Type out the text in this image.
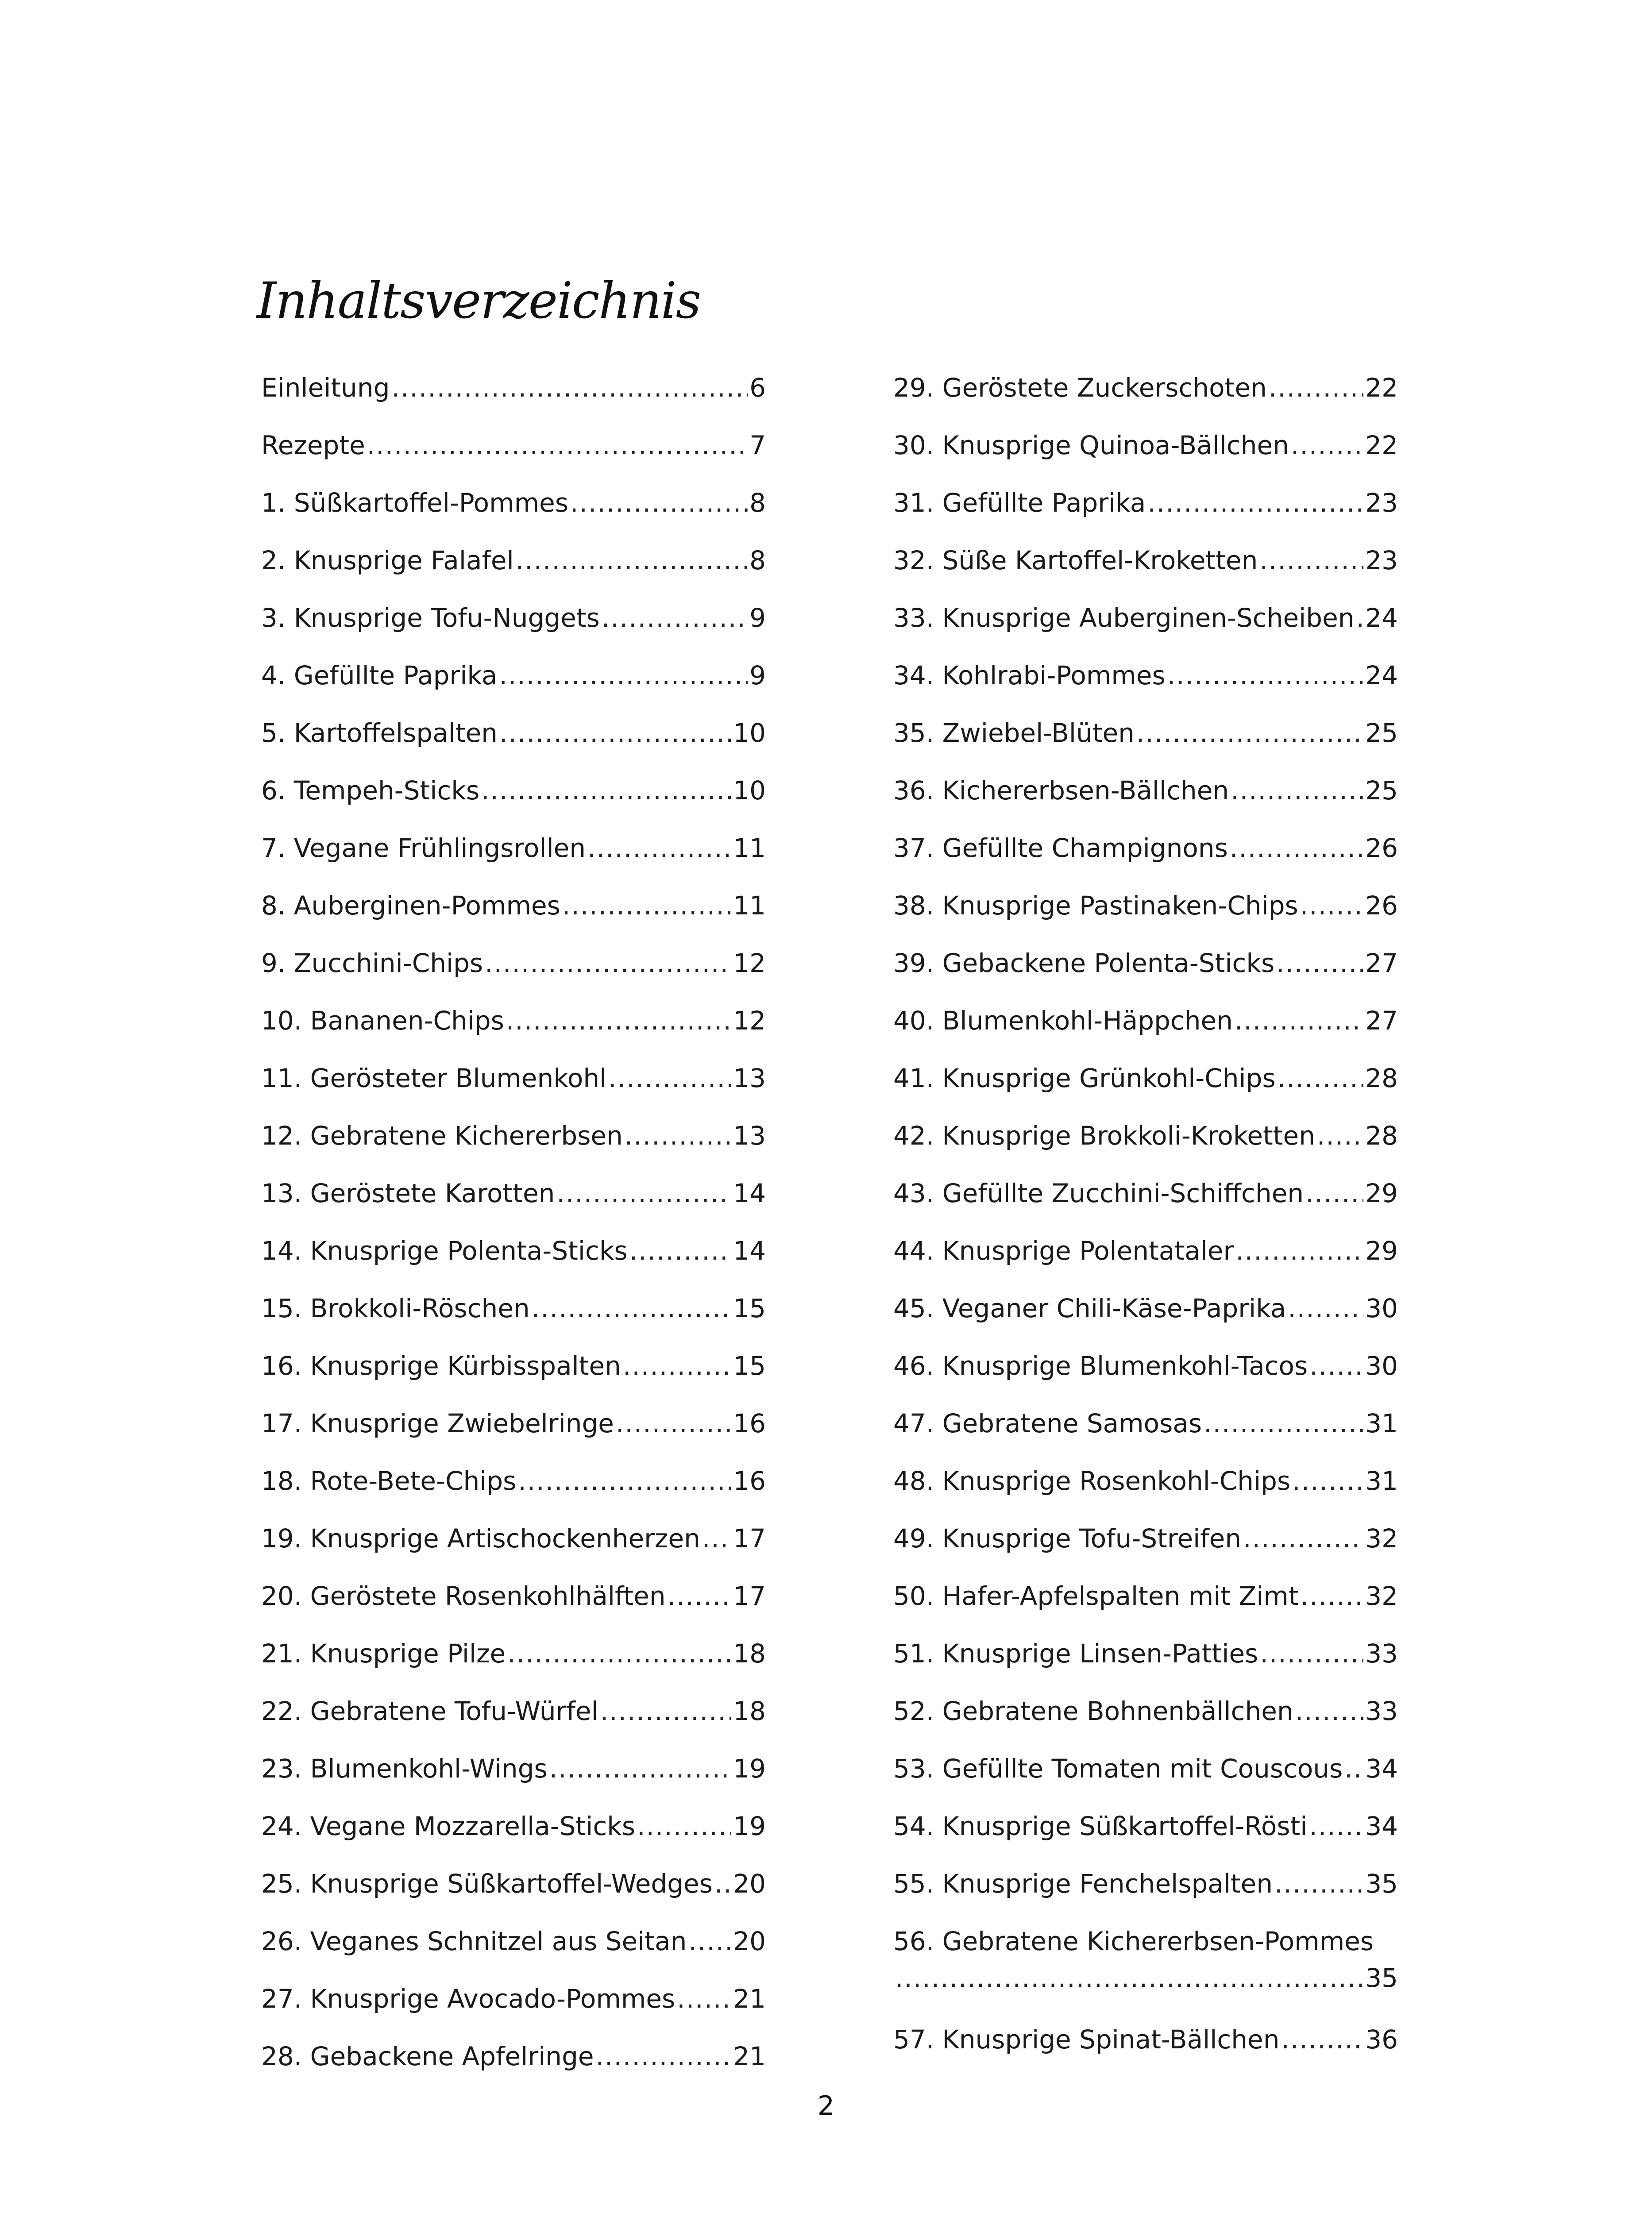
Inhaltsverzeichnis
Einleitung .....	6
Rezepte .....	7
1. Süßkartoffel-Pommes .....	8
2. Knusprige Falafel .....	8
3. Knusprige Tofu-Nuggets .....	9
4. Gefüllte Paprika .....	9
5. Kartoffelspalten .....	10
6. Tempeh-Sticks .....	10
7. Vegane Frühlingsrollen .....	11
8. Auberginen-Pommes .....	11
9. Zucchini-Chips .....	12
10. Bananen-Chips .....	12
11. Gerösteter Blumenkohl .....	13
12. Gebratene Kichererbsen .....	13
13. Geröstete Karotten .....	14
14. Knusprige Polenta-Sticks .....	14
15. Brokkoli-Röschen .....	15
16. Knusprige Kürbisspalten .....	15
17. Knusprige Zwiebelringe .....	16
18. Rote-Bete-Chips .....	16
19. Knusprige Artischockenherzen ..... 17
20. Geröstete Rosenkohlhälften .....	17
21. Knusprige Pilze .....	18
22. Gebratene Tofu-Würfel .....	18
23. Blumenkohl-Wings .....	19
24. Vegane Mozzarella-Sticks .....	19
25. Knusprige Süßkartoffel-Wedges ..... 20
26. Veganes Schnitzel aus Seitan ..... 20
27. Knusprige Avocado-Pommes ..... 21
28. Gebackene Apfelringe .....	21
29. Geröstete Zuckerschoten .....	22
30. Knusprige Quinoa-Bällchen .....	22
31. Gefüllte Paprika .....	23
32. Süße Kartoffel-Kroketten .....	23
33. Knusprige Auberginen-Scheiben ..... 24
34. Kohlrabi-Pommes .....	24
35. Zwiebel-Blüten .....	25
36. Kichererbsen-Bällchen .....	25
37. Gefüllte Champignons .....	26
38. Knusprige Pastinaken-Chips .....	26
39. Gebackene Polenta-Sticks .....	27
40. Blumenkohl-Häppchen .....	27
41. Knusprige Grünkohl-Chips .....	28
42. Knusprige Brokkoli-Kroketten ..... 28
43. Gefüllte Zucchini-Schiffchen ..... 29
44. Knusprige Polentataler .....	29
45. Veganer Chili-Käse-Paprika .....	30
46. Knusprige Blumenkohl-Tacos ..... 30
47. Gebratene Samosas .....	31
48. Knusprige Rosenkohl-Chips .....	31
49. Knusprige Tofu-Streifen .....	32
50. Hafer-Apfelspalten mit Zimt .....	32
51. Knusprige Linsen-Patties .....	33
52. Gebratene Bohnenbällchen .....	33
53. Gefüllte Tomaten mit Couscous ..... 34
54. Knusprige Süßkartoffel-Rösti ..... 34
55. Knusprige Fenchelspalten .....	35
56. Gebratene Kichererbsen-Pommes
.....
35
57. Knusprige Spinat-Bällchen .....	36
2
